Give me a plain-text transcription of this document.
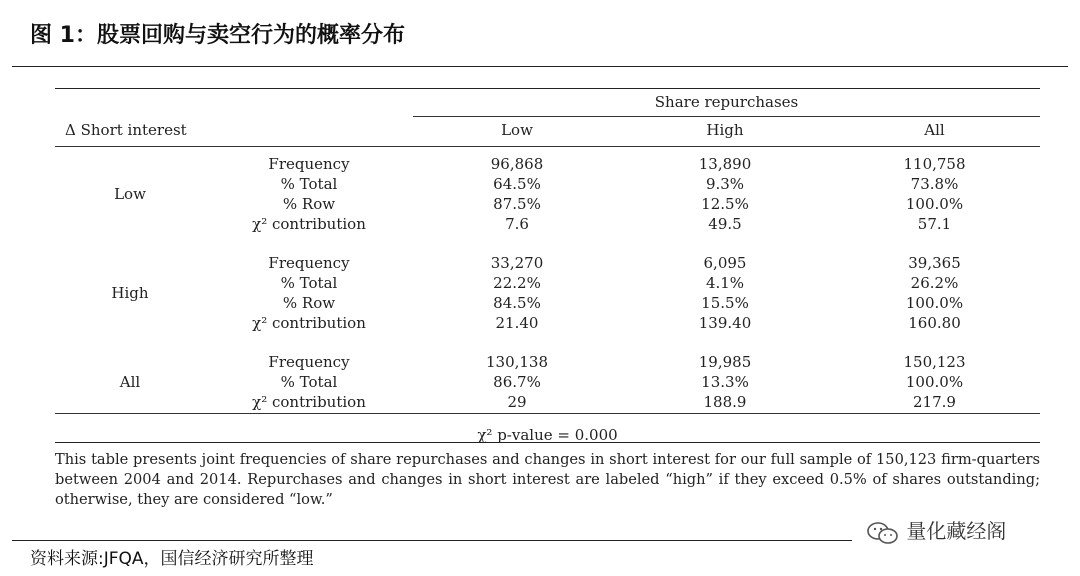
图 1：股票回购与卖空行为的概率分布
		Share repurchases		
Δ Short interest		Low	High	All

Low	Frequency	96,868	13,890	110,758
	% Total	64.5%	9.3%	73.8%
	% Row	87.5%	12.5%	100.0%
	χ² contribution	7.6	49.5	57.1

High	Frequency	33,270	6,095	39,365
	% Total	22.2%	4.1%	26.2%
	% Row	84.5%	15.5%	100.0%
	χ² contribution	21.40	139.40	160.80

All	Frequency	130,138	19,985	150,123
	% Total	86.7%	13.3%	100.0%
	χ² contribution	29	188.9	217.9

χ² p-value = 0.000				
This table presents joint frequencies of share repurchases and changes in short interest for our full sample of 150,123 firm-quarters between 2004 and 2014. Repurchases and changes in short interest are labeled “high” if they exceed 0.5% of shares outstanding; otherwise, they are considered “low.”
资料来源:JFQA，国信经济研究所整理
量化藏经阁
